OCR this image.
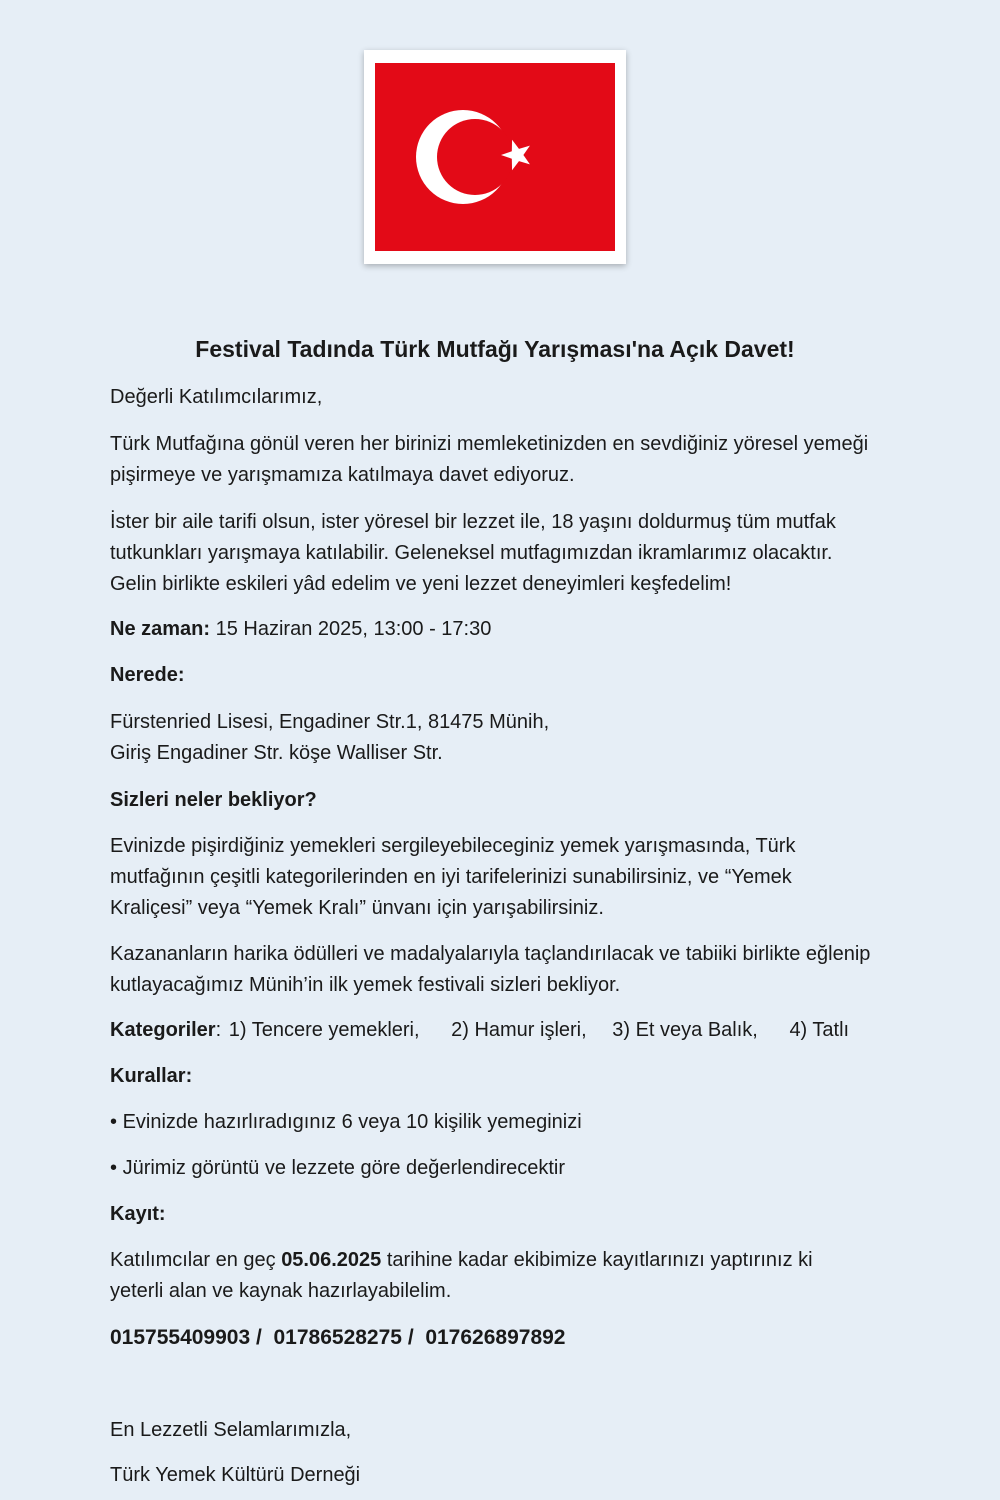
Festival Tadında Türk Mutfağı Yarışması'na Açık Davet!

Değerli Katılımcılarımız,

Türk Mutfağına gönül veren her birinizi memleketinizden en sevdiğiniz yöresel yemeği
pişirmeye ve yarışmamıza katılmaya davet ediyoruz.

İster bir aile tarifi olsun, ister yöresel bir lezzet ile, 18 yaşını doldurmuş tüm mutfak
tutkunkları yarışmaya katılabilir. Geleneksel mutfagımızdan ikramlarımız olacaktır.
Gelin birlikte eskileri yâd edelim ve yeni lezzet deneyimleri keşfedelim!

Ne zaman: 15 Haziran 2025, 13:00 - 17:30

Nerede:

Fürstenried Lisesi, Engadiner Str.1, 81475 Münih,
Giriş Engadiner Str. köşe Walliser Str.

Sizleri neler bekliyor?

Evinizde pişirdiğiniz yemekleri sergileyebileceginiz yemek yarışmasında, Türk
mutfağının çeşitli kategorilerinden en iyi tarifelerinizi sunabilirsiniz, ve “Yemek
Kraliçesi” veya “Yemek Kralı” ünvanı için yarışabilirsiniz.

Kazananların harika ödülleri ve madalyalarıyla taçlandırılacak ve tabiiki birlikte eğlenip
kutlayacağımız Münih’in ilk yemek festivali sizleri bekliyor.

Kategoriler: 1) Tencere yemekleri, 2) Hamur işleri, 3) Et veya Balık, 4) Tatlı

Kurallar:

• Evinizde hazırlıradıgınız 6 veya 10 kişilik yemeginizi
• Jürimiz görüntü ve lezzete göre değerlendirecektir

Kayıt:

Katılımcılar en geç 05.06.2025 tarihine kadar ekibimize kayıtlarınızı yaptırınız ki
yeterli alan ve kaynak hazırlayabilelim.

015755409903 /  01786528275 /  017626897892

En Lezzetli Selamlarımızla,

Türk Yemek Kültürü Derneği
